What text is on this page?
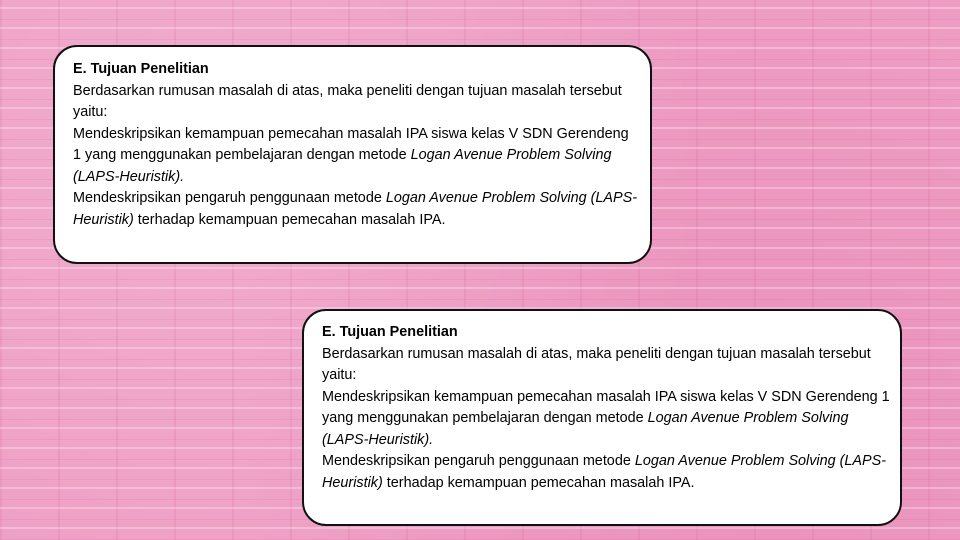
E. Tujuan Penelitian
Berdasarkan rumusan masalah di atas, maka peneliti dengan tujuan masalah tersebut yaitu:
Mendeskripsikan kemampuan pemecahan masalah IPA siswa kelas V SDN Gerendeng 1 yang menggunakan pembelajaran dengan metode Logan Avenue Problem Solving (LAPS-Heuristik).
Mendeskripsikan pengaruh penggunaan metode Logan Avenue Problem Solving (LAPS-Heuristik) terhadap kemampuan pemecahan masalah IPA.
E. Tujuan Penelitian
Berdasarkan rumusan masalah di atas, maka peneliti dengan tujuan masalah tersebut yaitu:
Mendeskripsikan kemampuan pemecahan masalah IPA siswa kelas V SDN Gerendeng 1 yang menggunakan pembelajaran dengan metode Logan Avenue Problem Solving (LAPS-Heuristik).
Mendeskripsikan pengaruh penggunaan metode Logan Avenue Problem Solving (LAPS-Heuristik) terhadap kemampuan pemecahan masalah IPA.
